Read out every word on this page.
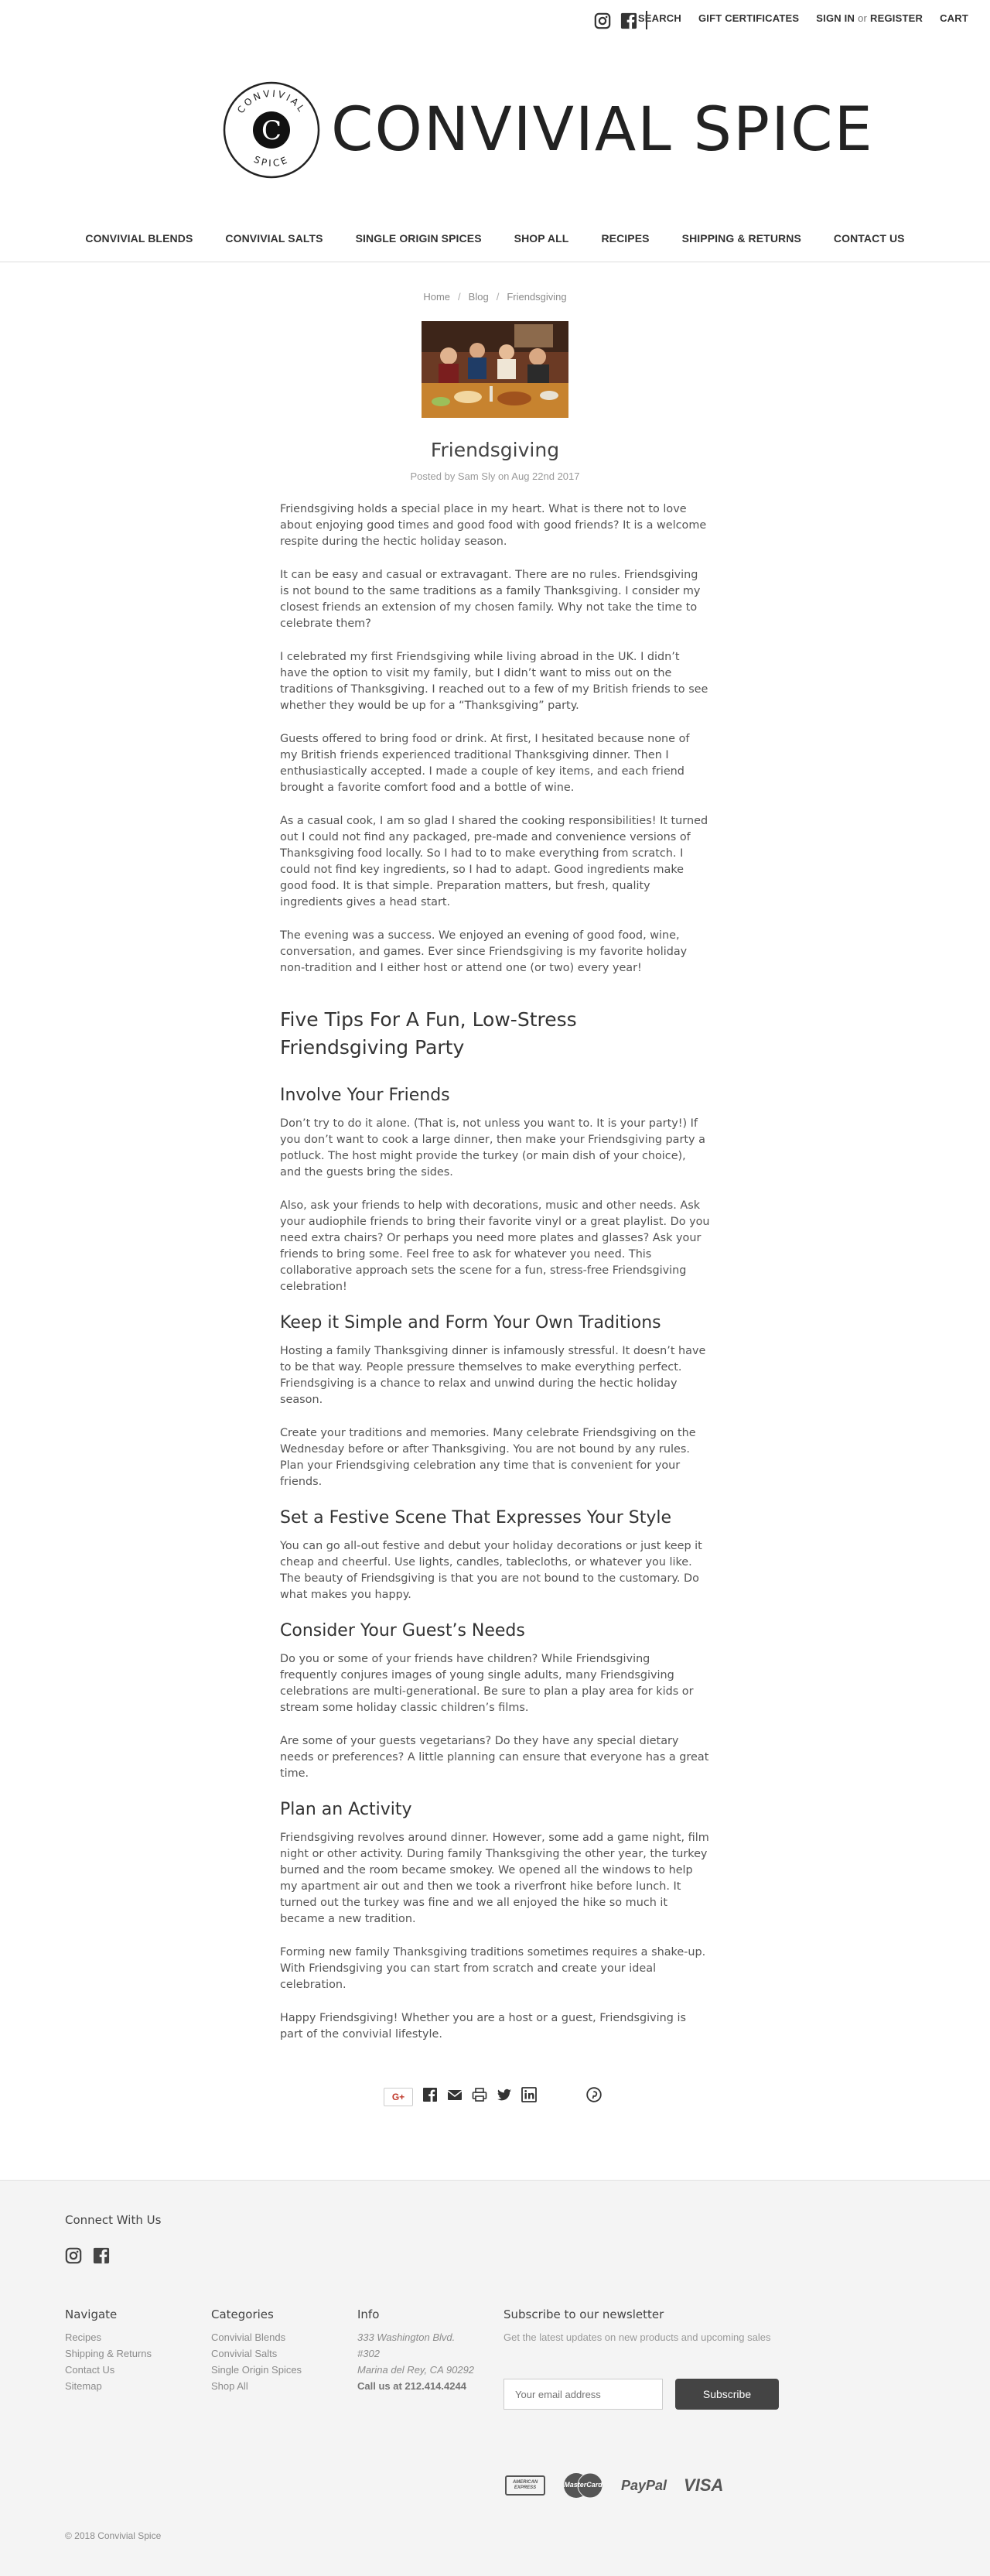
SEARCH GIFT CERTIFICATES SIGN IN or REGISTER CART
CONVIVIAL
SPICE
C CONVIVIAL SPICE
CONVIVIAL BLENDS	CONVIVIAL SALTS	SINGLE ORIGIN SPICES	SHOP ALL	RECIPES	SHIPPING & RETURNS	CONTACT US
Home / Blog / Friendsgiving
Friendsgiving
Posted by Sam Sly on Aug 22nd 2017

Friendsgiving holds a special place in my heart. What is there not to love about enjoying good times and good food with good friends? It is a welcome respite during the hectic holiday season.

It can be easy and casual or extravagant. There are no rules. Friendsgiving is not bound to the same traditions as a family Thanksgiving. I consider my closest friends an extension of my chosen family. Why not take the time to celebrate them?

I celebrated my first Friendsgiving while living abroad in the UK. I didn’t have the option to visit my family, but I didn’t want to miss out on the traditions of Thanksgiving. I reached out to a few of my British friends to see whether they would be up for a “Thanksgiving” party.

Guests offered to bring food or drink. At first, I hesitated because none of my British friends experienced traditional Thanksgiving dinner. Then I enthusiastically accepted. I made a couple of key items, and each friend brought a favorite comfort food and a bottle of wine.

As a casual cook, I am so glad I shared the cooking responsibilities! It turned out I could not find any packaged, pre-made and convenience versions of Thanksgiving food locally. So I had to to make everything from scratch. I could not find key ingredients, so I had to adapt. Good ingredients make good food. It is that simple. Preparation matters, but fresh, quality ingredients gives a head start.

The evening was a success. We enjoyed an evening of good food, wine, conversation, and games. Ever since Friendsgiving is my favorite holiday non-tradition and I either host or attend one (or two) every year!

Five Tips For A Fun, Low-Stress Friendsgiving Party
Involve Your Friends

Don’t try to do it alone. (That is, not unless you want to. It is your party!) If you don’t want to cook a large dinner, then make your Friendsgiving party a potluck. The host might provide the turkey (or main dish of your choice), and the guests bring the sides.

Also, ask your friends to help with decorations, music and other needs. Ask your audiophile friends to bring their favorite vinyl or a great playlist. Do you need extra chairs? Or perhaps you need more plates and glasses? Ask your friends to bring some. Feel free to ask for whatever you need. This collaborative approach sets the scene for a fun, stress-free Friendsgiving celebration!

Keep it Simple and Form Your Own Traditions

Hosting a family Thanksgiving dinner is infamously stressful. It doesn’t have to be that way. People pressure themselves to make everything perfect. Friendsgiving is a chance to relax and unwind during the hectic holiday season.

Create your traditions and memories. Many celebrate Friendsgiving on the Wednesday before or after Thanksgiving. You are not bound by any rules. Plan your Friendsgiving celebration any time that is convenient for your friends.

Set a Festive Scene That Expresses Your Style

You can go all-out festive and debut your holiday decorations or just keep it cheap and cheerful. Use lights, candles, tablecloths, or whatever you like. The beauty of Friendsgiving is that you are not bound to the customary. Do what makes you happy.

Consider Your Guest’s Needs

Do you or some of your friends have children? While Friendsgiving frequently conjures images of young single adults, many Friendsgiving celebrations are multi-generational. Be sure to plan a play area for kids or stream some holiday classic children’s films.

Are some of your guests vegetarians? Do they have any special dietary needs or preferences? A little planning can ensure that everyone has a great time.

Plan an Activity

Friendsgiving revolves around dinner. However, some add a game night, film night or other activity. During family Thanksgiving the other year, the turkey burned and the room became smokey. We opened all the windows to help my apartment air out and then we took a riverfront hike before lunch. It turned out the turkey was fine and we all enjoyed the hike so much it became a new tradition.

Forming new family Thanksgiving traditions sometimes requires a shake-up. With Friendsgiving you can start from scratch and create your ideal celebration.

Happy Friendsgiving! Whether you are a host or a guest, Friendsgiving is part of the convivial lifestyle.

G+
Connect With Us
Navigate
Recipes
Shipping & Returns
Contact Us
Sitemap
Categories
Convivial Blends
Convivial Salts
Single Origin Spices
Shop All
Info
333 Washington Blvd.
#302
Marina del Rey, CA 90292
Call us at 212.414.4244
Subscribe to our newsletter
Get the latest updates on new products and upcoming sales
Your email address
Subscribe
AMERICAN EXPRESS	MasterCard PayPal VISA
© 2018 Convivial Spice
